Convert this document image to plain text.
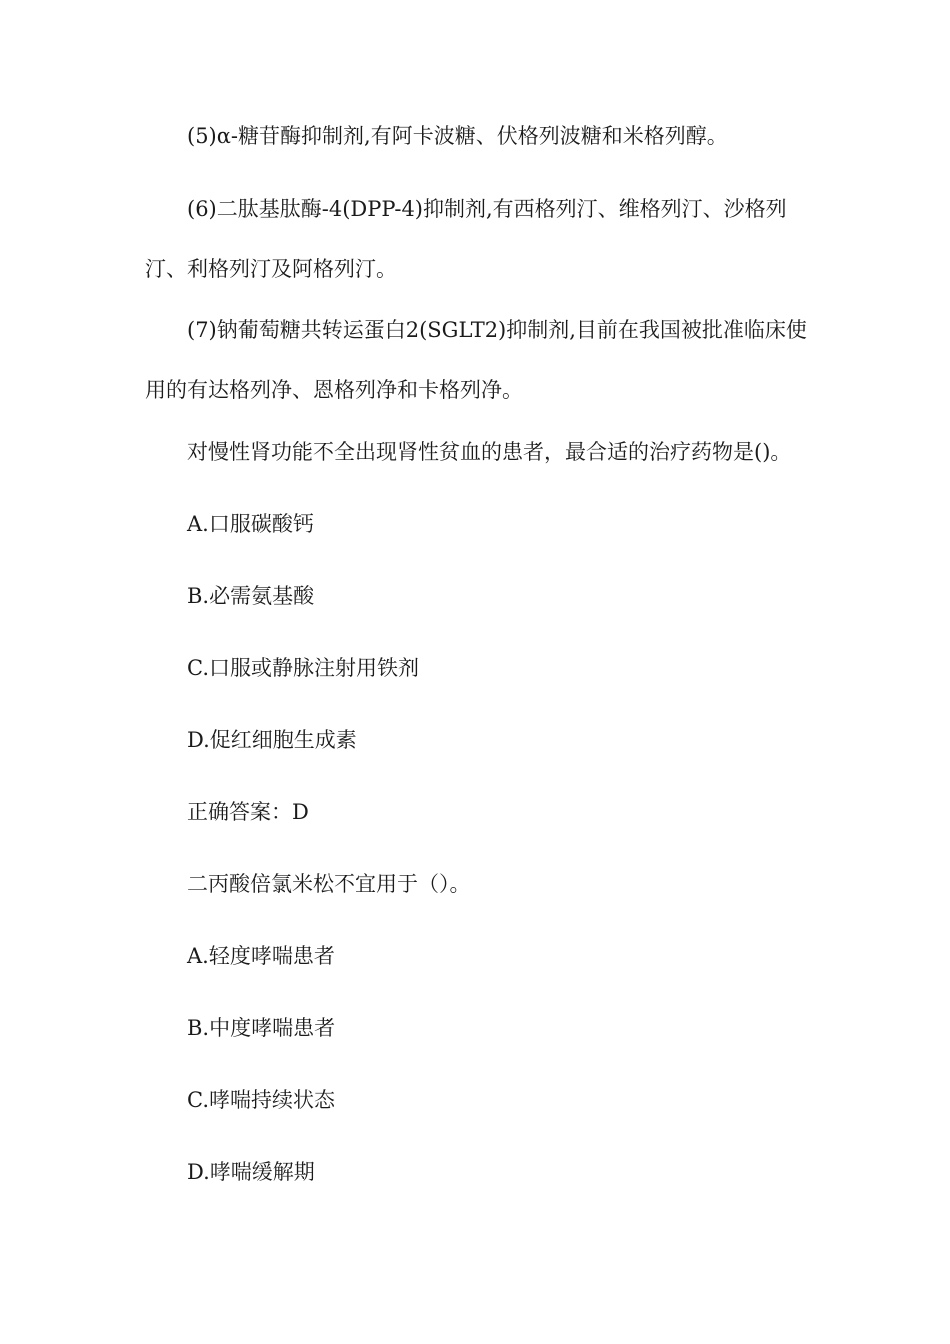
(5)α-糖苷酶抑制剂,有阿卡波糖、伏格列波糖和米格列醇。

(6)二肽基肽酶-4(DPP-4)抑制剂,有西格列汀、维格列汀、沙格列汀、利格列汀及阿格列汀。

(7)钠葡萄糖共转运蛋白2(SGLT2)抑制剂,目前在我国被批准临床使用的有达格列净、恩格列净和卡格列净。

对慢性肾功能不全出现肾性贫血的患者，最合适的治疗药物是()。

A.口服碳酸钙

B.必需氨基酸

C.口服或静脉注射用铁剂

D.促红细胞生成素

正确答案：D

二丙酸倍氯米松不宜用于（）。

A.轻度哮喘患者

B.中度哮喘患者

C.哮喘持续状态

D.哮喘缓解期
